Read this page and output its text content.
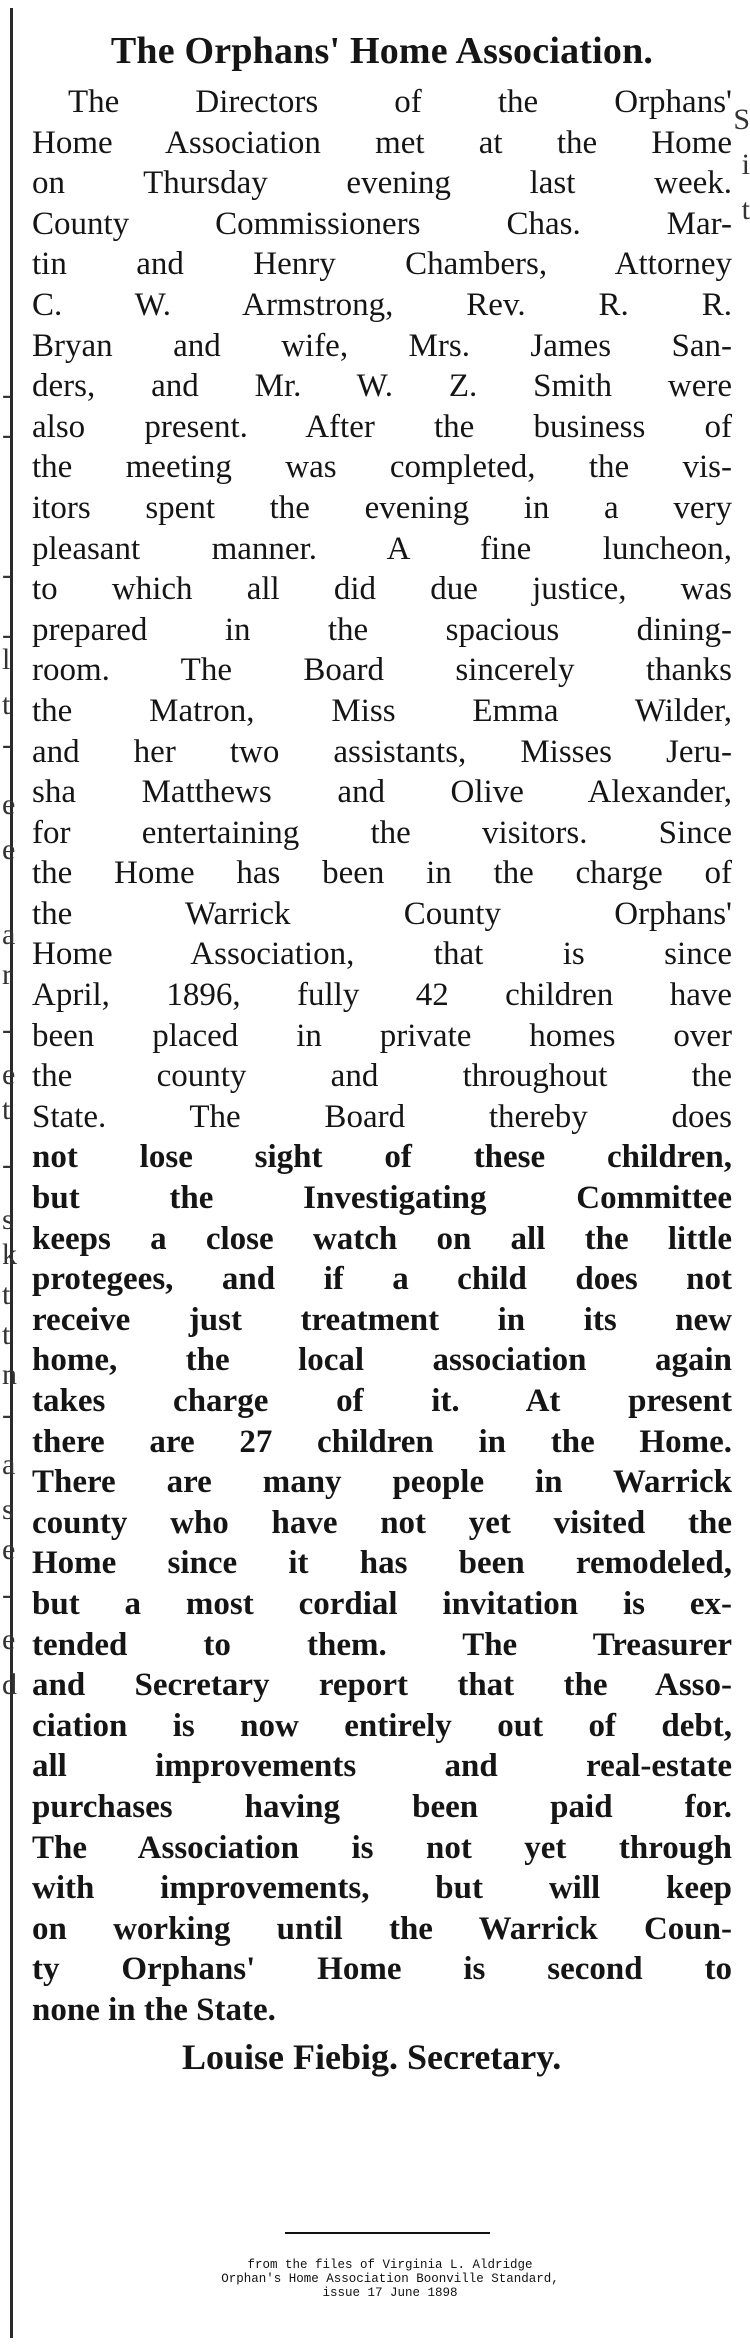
-
-
-
-
l
t
-
e
e
a
r
-
e
t
-
s
k
t
t
n
-
a
s
e
-
e
d
S
i
t
The Orphans' Home Association.
The Directors of the Orphans'
Home Association met at the Home
on Thursday evening last week.
County Commissioners Chas. Mar-
tin and Henry Chambers, Attorney
C. W. Armstrong, Rev. R. R.
Bryan and wife, Mrs. James San-
ders, and Mr. W. Z. Smith were
also present. After the business of
the meeting was completed, the vis-
itors spent the evening in a very
pleasant manner. A fine luncheon,
to which all did due justice, was
prepared in the spacious dining-
room. The Board sincerely thanks
the Matron, Miss Emma Wilder,
and her two assistants, Misses Jeru-
sha Matthews and Olive Alexander,
for entertaining the visitors. Since
the Home has been in the charge of
the Warrick County Orphans'
Home Association, that is since
April, 1896, fully 42 children have
been placed in private homes over
the county and throughout the
State. The Board thereby does
not lose sight of these children,
but the Investigating Committee
keeps a close watch on all the little
protegees, and if a child does not
receive just treatment in its new
home, the local association again
takes charge of it. At present
there are 27 children in the Home.
There are many people in Warrick
county who have not yet visited the
Home since it has been remodeled,
but a most cordial invitation is ex-
tended to them. The Treasurer
and Secretary report that the Asso-
ciation is now entirely out of debt,
all improvements and real-estate
purchases having been paid for.
The Association is not yet through
with improvements, but will keep
on working until the Warrick Coun-
ty Orphans' Home is second to
none in the State.
Louise Fiebig. Secretary.
from the files of Virginia L. Aldridge
Orphan's Home Association Boonville Standard,
issue 17 June 1898
